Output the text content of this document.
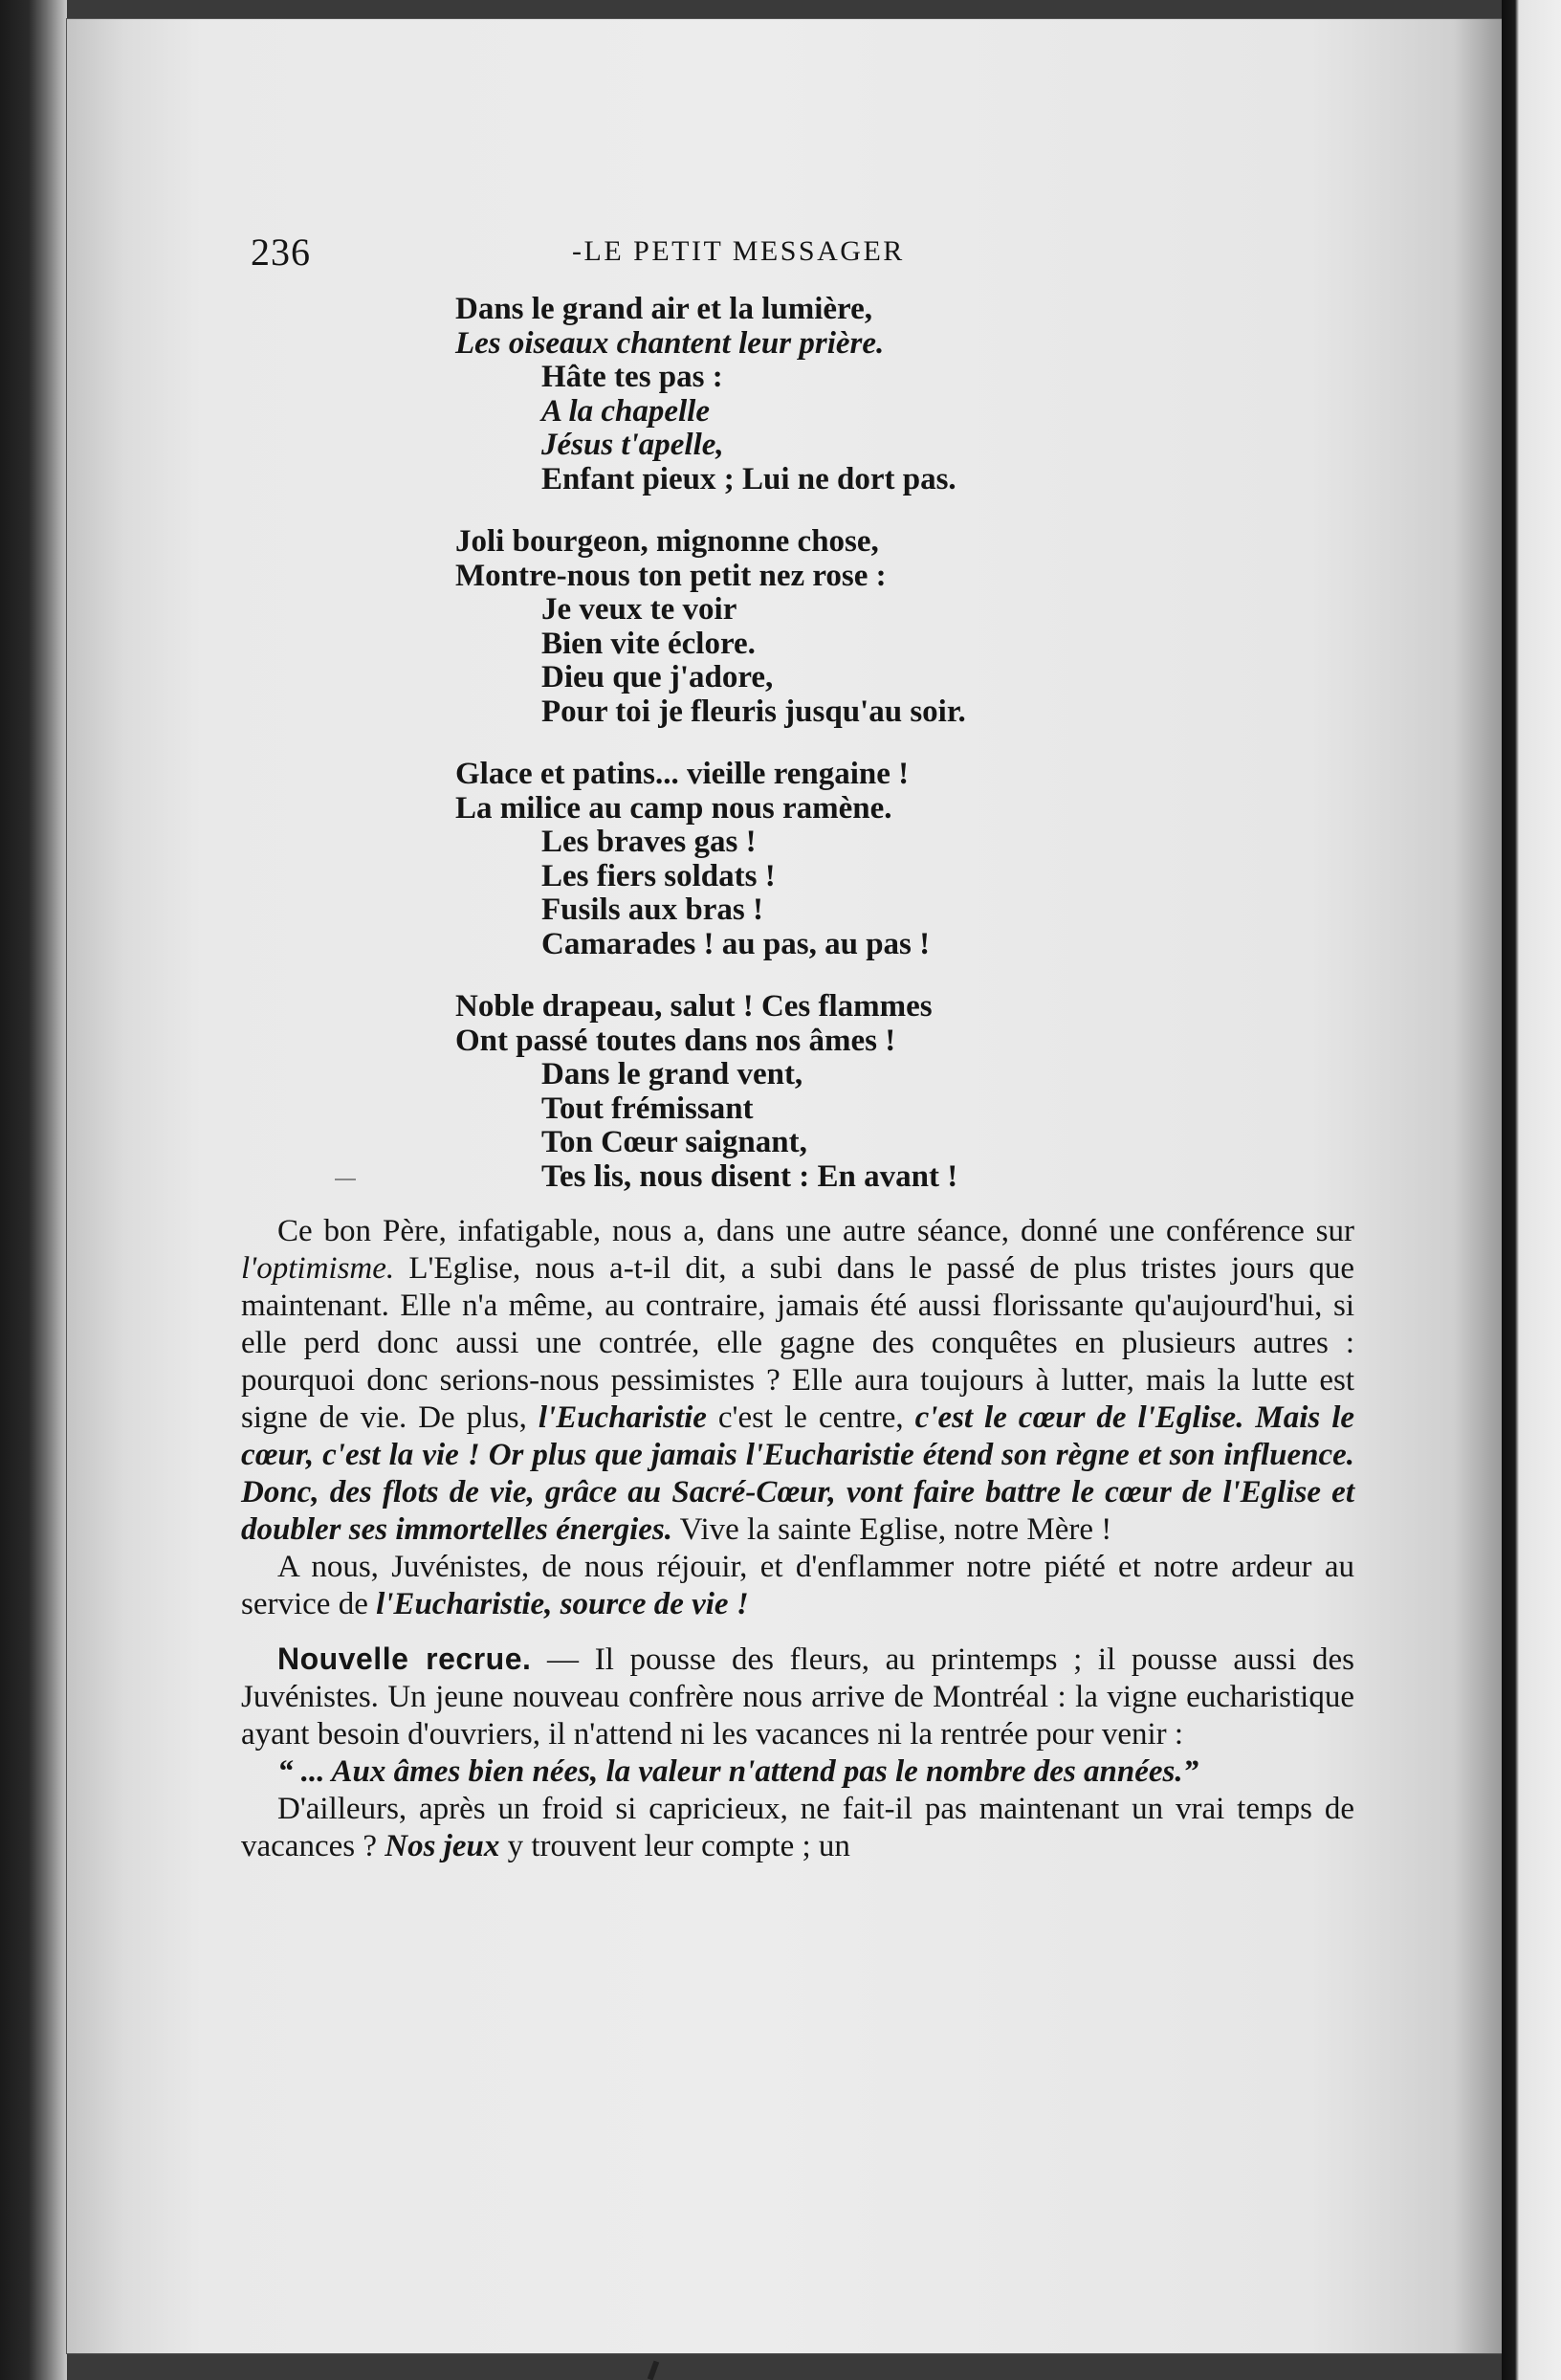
236	-LE PETIT MESSAGER
Dans le grand air et la lumière,
Les oiseaux chantent leur prière.
Hâte tes pas :
A la chapelle
Jésus t'apelle,
Enfant pieux ; Lui ne dort pas.
Joli bourgeon, mignonne chose,
Montre-nous ton petit nez rose :
Je veux te voir
Bien vite éclore.
Dieu que j'adore,
Pour toi je fleuris jusqu'au soir.
Glace et patins... vieille rengaine !
La milice au camp nous ramène.
Les braves gas !
Les fiers soldats !
Fusils aux bras !
Camarades ! au pas, au pas !
Noble drapeau, salut ! Ces flammes
Ont passé toutes dans nos âmes !
Dans le grand vent,
Tout frémissant
Ton Cœur saignant,
Tes lis, nous disent : En avant !

Ce bon Père, infatigable, nous a, dans une autre séance, donné une conférence sur l'optimisme. L'Eglise, nous a-t-il dit, a subi dans le passé de plus tristes jours que maintenant. Elle n'a même, au contraire, jamais été aussi florissante qu'aujourd'hui, si elle perd donc aussi une contrée, elle gagne des conquêtes en plusieurs autres : pourquoi donc serions-nous pessimistes ? Elle aura toujours à lutter, mais la lutte est signe de vie. De plus, l'Eucharistie c'est le centre, c'est le cœur de l'Eglise. Mais le cœur, c'est la vie ! Or plus que jamais l'Eucharistie étend son règne et son influence. Donc, des flots de vie, grâce au Sacré-Cœur, vont faire battre le cœur de l'Eglise et doubler ses immortelles énergies. Vive la sainte Eglise, notre Mère !

A nous, Juvénistes, de nous réjouir, et d'enflammer notre piété et notre ardeur au service de l'Eucharistie, source de vie !

Nouvelle recrue. — Il pousse des fleurs, au printemps ; il pousse aussi des Juvénistes. Un jeune nouveau confrère nous arrive de Montréal : la vigne eucharistique ayant besoin d'ouvriers, il n'attend ni les vacances ni la rentrée pour venir :

“ ... Aux âmes bien nées, la valeur n'attend pas le nombre des années.”

D'ailleurs, après un froid si capricieux, ne fait-il pas maintenant un vrai temps de vacances ? Nos jeux y trouvent leur compte ; un
